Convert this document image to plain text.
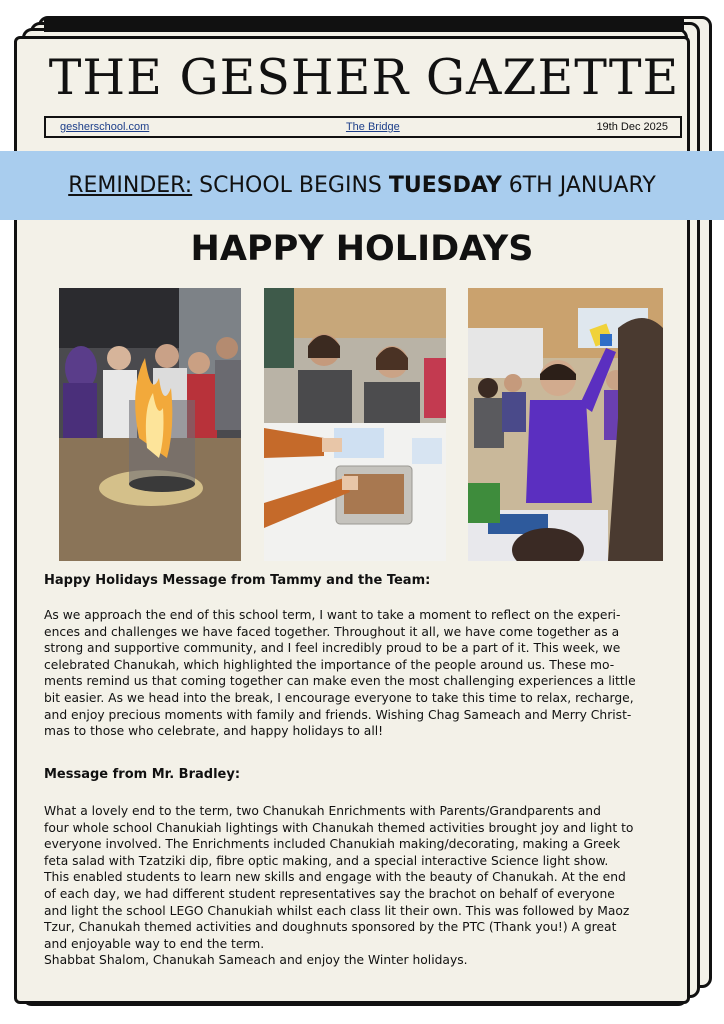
THE GESHER GAZETTE
gesherschool.com	The Bridge	19th Dec 2025
REMINDER: SCHOOL BEGINS TUESDAY 6TH JANUARY
HAPPY HOLIDAYS
Happy Holidays Message from Tammy and the Team:
As we approach the end of this school term, I want to take a moment to reflect on the experi-
ences and challenges we have faced together. Throughout it all, we have come together as a
strong and supportive community, and I feel incredibly proud to be a part of it. This week, we
celebrated Chanukah, which highlighted the importance of the people around us. These mo-
ments remind us that coming together can make even the most challenging experiences a little
bit easier. As we head into the break, I encourage everyone to take this time to relax, recharge,
and enjoy precious moments with family and friends. Wishing Chag Sameach and Merry Christ-
mas to those who celebrate, and happy holidays to all!
Message from Mr. Bradley:
What a lovely end to the term, two Chanukah Enrichments with Parents/Grandparents and
four whole school Chanukiah lightings with Chanukah themed activities brought joy and light to
everyone involved. The Enrichments included Chanukiah making/decorating, making a Greek
feta salad with Tzatziki dip, fibre optic making, and a special interactive Science light show.
This enabled students to learn new skills and engage with the beauty of Chanukah. At the end
of each day, we had different student representatives say the brachot on behalf of everyone
and light the school LEGO Chanukiah whilst each class lit their own. This was followed by Maoz
Tzur, Chanukah themed activities and doughnuts sponsored by the PTC (Thank you!) A great
and enjoyable way to end the term.
Shabbat Shalom, Chanukah Sameach and enjoy the Winter holidays.
